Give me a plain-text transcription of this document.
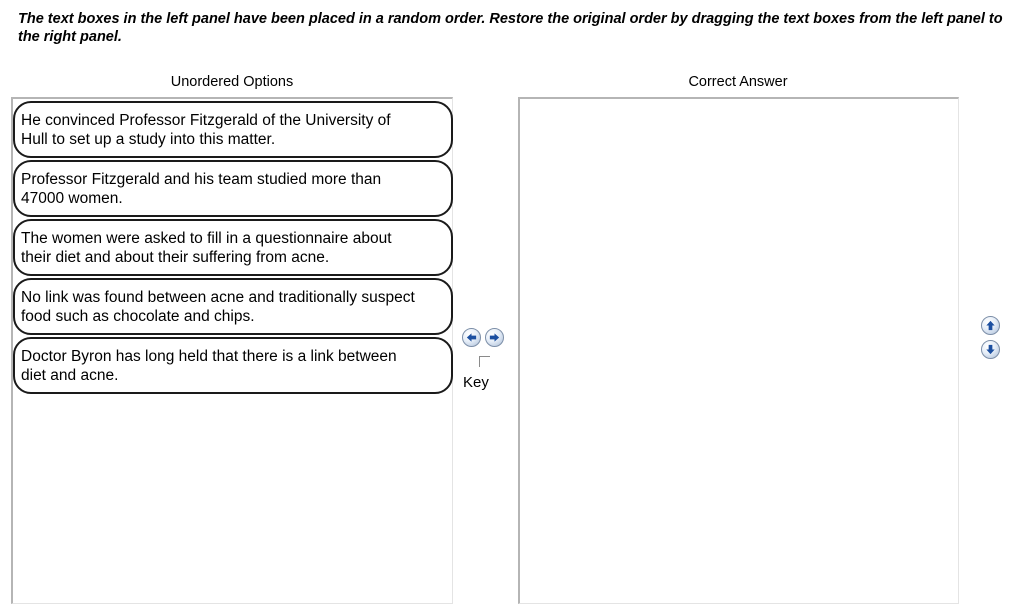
The text boxes in the left panel have been placed in a random order. Restore the original order by dragging the text boxes from the left panel to the right panel.

Unordered Options	Correct Answer
He convinced Professor Fitzgerald of the University of Hull to set up a study into this matter.
Professor Fitzgerald and his team studied more than 47000 women.
The women were asked to fill in a questionnaire about their diet and about their suffering from acne.
No link was found between acne and traditionally suspect food such as chocolate and chips.
Doctor Byron has long held that there is a link between diet and acne.	Key
